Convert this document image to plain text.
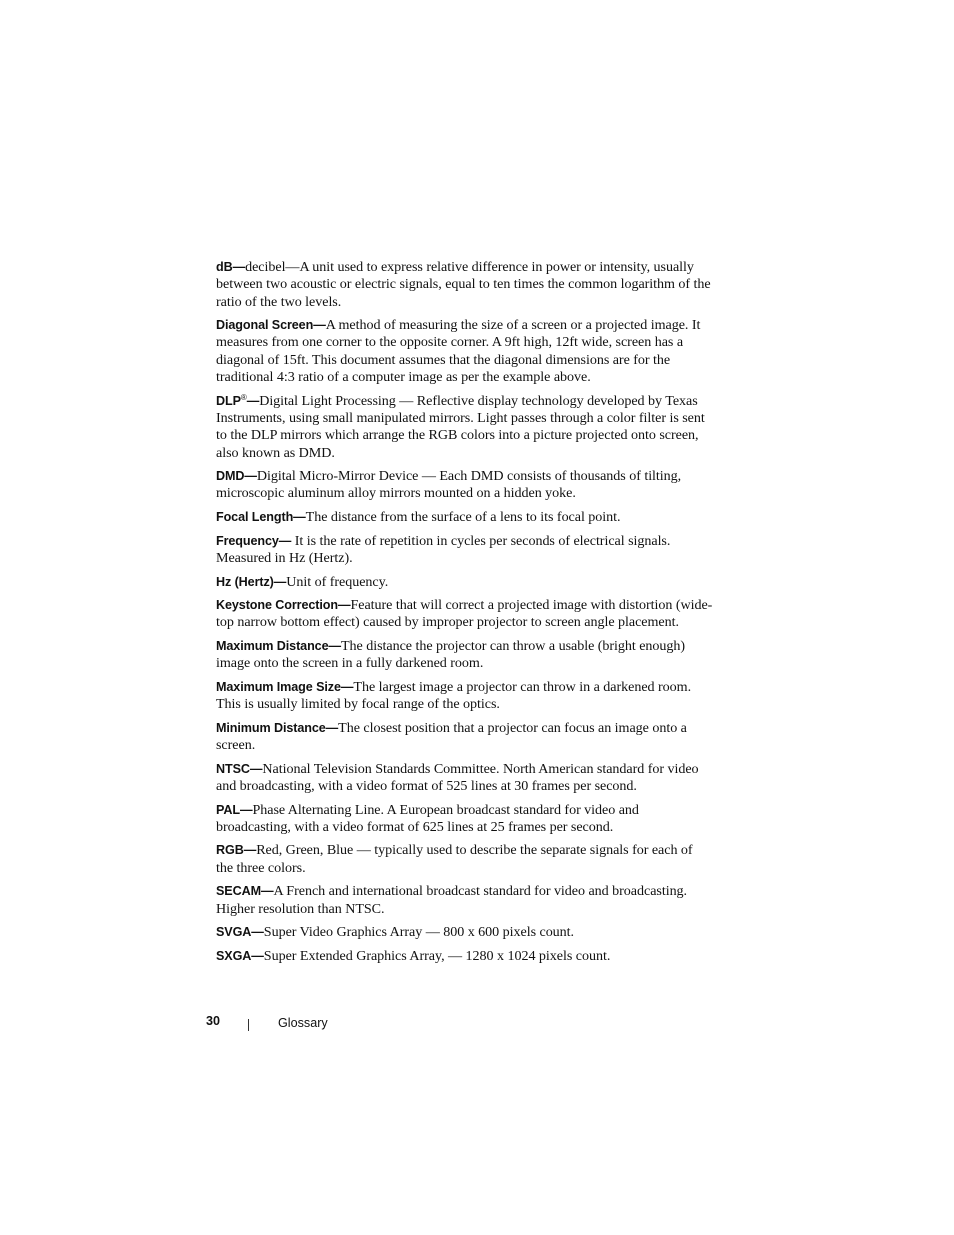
dB—decibel—A unit used to express relative difference in power or intensity, usually between two acoustic or electric signals, equal to ten times the common logarithm of the ratio of the two levels.

Diagonal Screen—A method of measuring the size of a screen or a projected image. It measures from one corner to the opposite corner. A 9ft high, 12ft wide, screen has a diagonal of 15ft. This document assumes that the diagonal dimensions are for the traditional 4:3 ratio of a computer image as per the example above.

DLP®—Digital Light Processing — Reflective display technology developed by Texas Instruments, using small manipulated mirrors. Light passes through a color filter is sent to the DLP mirrors which arrange the RGB colors into a picture projected onto screen, also known as DMD.

DMD—Digital Micro-Mirror Device — Each DMD consists of thousands of tilting, microscopic aluminum alloy mirrors mounted on a hidden yoke.

Focal Length—The distance from the surface of a lens to its focal point.

Frequency— It is the rate of repetition in cycles per seconds of electrical signals. Measured in Hz (Hertz).

Hz (Hertz)—Unit of frequency.

Keystone Correction—Feature that will correct a projected image with distortion (wide-top narrow bottom effect) caused by improper projector to screen angle placement.

Maximum Distance—The distance the projector can throw a usable (bright enough) image onto the screen in a fully darkened room.

Maximum Image Size—The largest image a projector can throw in a darkened room. This is usually limited by focal range of the optics.

Minimum Distance—The closest position that a projector can focus an image onto a screen.

NTSC—National Television Standards Committee. North American standard for video and broadcasting, with a video format of 525 lines at 30 frames per second.

PAL—Phase Alternating Line. A European broadcast standard for video and broadcasting, with a video format of 625 lines at 25 frames per second.

RGB—Red, Green, Blue — typically used to describe the separate signals for each of the three colors.

SECAM—A French and international broadcast standard for video and broadcasting. Higher resolution than NTSC.

SVGA—Super Video Graphics Array — 800 x 600 pixels count.

SXGA—Super Extended Graphics Array, — 1280 x 1024 pixels count.

30	Glossary
